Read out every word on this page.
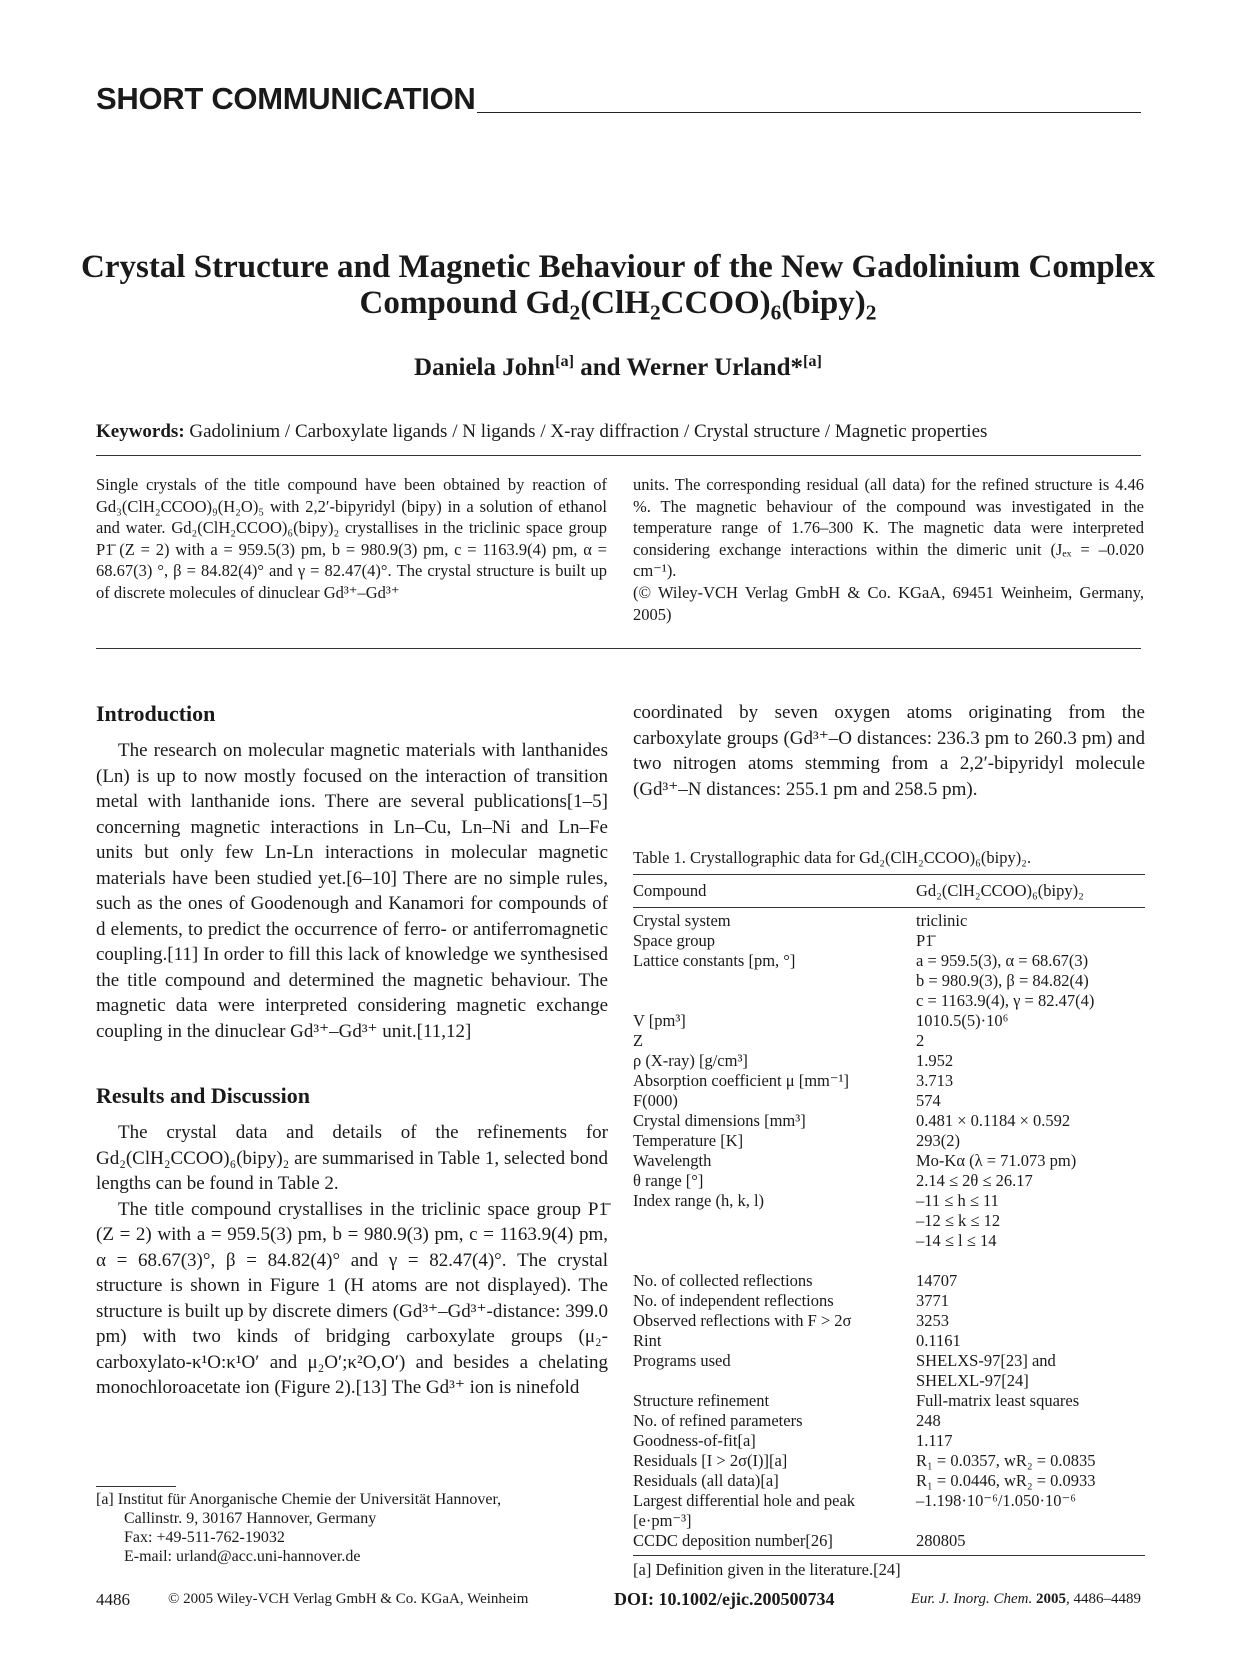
SHORT COMMUNICATION
Crystal Structure and Magnetic Behaviour of the New Gadolinium Complex
Compound $Gd_2(ClH_2CCOO)_6(bipy)_2$
Daniela John[a] and Werner Urland*[a]
Keywords: Gadolinium / Carboxylate ligands / N ligands / X-ray diffraction / Crystal structure / Magnetic properties
Single crystals of the title compound have been obtained by reaction of Gd₃(ClH₂CCOO)₉(H₂O)₅ with 2,2′-bipyridyl (bipy) in a solution of ethanol and water. Gd₂(ClH₂CCOO)₆(bipy)₂ crystallises in the triclinic space group P1̄ (Z = 2) with a = 959.5(3) pm, b = 980.9(3) pm, c = 1163.9(4) pm, α = 68.67(3) °, β = 84.82(4)° and γ = 82.47(4)°. The crystal structure is built up of discrete molecules of dinuclear Gd³⁺–Gd³⁺
units. The corresponding residual (all data) for the refined structure is 4.46 %. The magnetic behaviour of the compound was investigated in the temperature range of 1.76–300 K. The magnetic data were interpreted considering exchange interactions within the dimeric unit (Jₑₓ = –0.020 cm⁻¹).
(© Wiley-VCH Verlag GmbH & Co. KGaA, 69451 Weinheim, Germany, 2005)
Introduction

The research on molecular magnetic materials with lanthanides (Ln) is up to now mostly focused on the interaction of transition metal with lanthanide ions. There are several publications[1–5] concerning magnetic interactions in Ln–Cu, Ln–Ni and Ln–Fe units but only few Ln-Ln interactions in molecular magnetic materials have been studied yet.[6–10] There are no simple rules, such as the ones of Goodenough and Kanamori for compounds of d elements, to predict the occurrence of ferro- or antiferromagnetic coupling.[11] In order to fill this lack of knowledge we synthesised the title compound and determined the magnetic behaviour. The magnetic data were interpreted considering magnetic exchange coupling in the dinuclear Gd³⁺–Gd³⁺ unit.[11,12]

Results and Discussion

The crystal data and details of the refinements for Gd₂(ClH₂CCOO)₆(bipy)₂ are summarised in Table 1, selected bond lengths can be found in Table 2.

The title compound crystallises in the triclinic space group P1̄ (Z = 2) with a = 959.5(3) pm, b = 980.9(3) pm, c = 1163.9(4) pm, α = 68.67(3)°, β = 84.82(4)° and γ = 82.47(4)°. The crystal structure is shown in Figure 1 (H atoms are not displayed). The structure is built up by discrete dimers (Gd³⁺–Gd³⁺-distance: 399.0 pm) with two kinds of bridging carboxylate groups (μ₂-carboxylato-κ¹O:κ¹O′ and μ₂O′;κ²O,O′) and besides a chelating monochloroacetate ion (Figure 2).[13] The Gd³⁺ ion is ninefold

coordinated by seven oxygen atoms originating from the carboxylate groups (Gd³⁺–O distances: 236.3 pm to 260.3 pm) and two nitrogen atoms stemming from a 2,2′-bipyridyl molecule (Gd³⁺–N distances: 255.1 pm and 258.5 pm).

[a] Institut für Anorganische Chemie der Universität Hannover,
Callinstr. 9, 30167 Hannover, Germany
Fax: +49-511-762-19032
E-mail: urland@acc.uni-hannover.de
Table 1. Crystallographic data for Gd₂(ClH₂CCOO)₆(bipy)₂.
Compound	Gd₂(ClH₂CCOO)₆(bipy)₂
Crystal system	triclinic
Space group	P1̄
Lattice constants [pm, °]	a = 959.5(3), α = 68.67(3)

b = 980.9(3), β = 84.82(4)

c = 1163.9(4), γ = 82.47(4)
V [pm³]	1010.5(5)·10⁶
Z	2
ρ (X-ray) [g/cm³]	1.952
Absorption coefficient μ [mm⁻¹]	3.713
F(000)	574
Crystal dimensions [mm³]	0.481 × 0.1184 × 0.592
Temperature [K]	293(2)
Wavelength	Mo-Kα (λ = 71.073 pm)
θ range [°]	2.14 ≤ 2θ ≤ 26.17
Index range (h, k, l)	–11 ≤ h ≤ 11

–12 ≤ k ≤ 12

–14 ≤ l ≤ 14

No. of collected reflections	14707
No. of independent reflections	3771
Observed reflections with F > 2σ	3253
Rint	0.1161
Programs used	SHELXS-97[23] and

SHELXL-97[24]
Structure refinement	Full-matrix least squares
No. of refined parameters	248
Goodness-of-fit[a]	1.117
Residuals [I > 2σ(I)][a]	R₁ = 0.0357, wR₂ = 0.0835
Residuals (all data)[a]	R₁ = 0.0446, wR₂ = 0.0933
Largest differential hole and peak	–1.198·10⁻⁶/1.050·10⁻⁶
[e·pm⁻³]

CCDC deposition number[26]	280805
[a] Definition given in the literature.[24]
4486	© 2005 Wiley-VCH Verlag GmbH & Co. KGaA, Weinheim	DOI: 10.1002/ejic.200500734	Eur. J. Inorg. Chem. 2005, 4486–4489
